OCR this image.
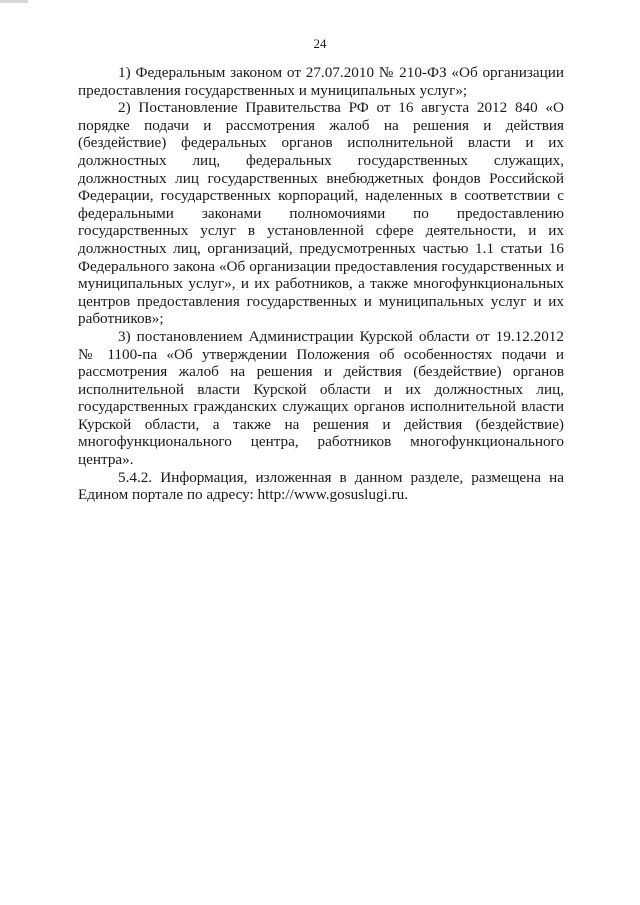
24

1) Федеральным законом от 27.07.2010 № 210-ФЗ «Об организации предоставления государственных и муниципальных услуг»;

2) Постановление Правительства РФ от 16 августа 2012 840 «О порядке подачи и рассмотрения жалоб на решения и действия (бездействие) федеральных органов исполнительной власти и их должностных лиц, федеральных государственных служащих, должностных лиц государственных внебюджетных фондов Российской Федерации, государственных корпораций, наделенных в соответствии с федеральными законами полномочиями по предоставлению государственных услуг в установленной сфере деятельности, и их должностных лиц, организаций, предусмотренных частью 1.1 статьи 16 Федерального закона «Об организации предоставления государственных и муниципальных услуг», и их работников, а также многофункциональных центров предоставления государственных и муниципальных услуг и их работников»;

3) постановлением Администрации Курской области от 19.12.2012 № 1100-па «Об утверждении Положения об особенностях подачи и рассмотрения жалоб на решения и действия (бездействие) органов исполнительной власти Курской области и их должностных лиц, государственных гражданских служащих органов исполнительной власти Курской области, а также на решения и действия (бездействие) многофункционального центра, работников многофункционального центра».

5.4.2. Информация, изложенная в данном разделе, размещена на Едином портале по адресу: http://www.gosuslugi.ru.
